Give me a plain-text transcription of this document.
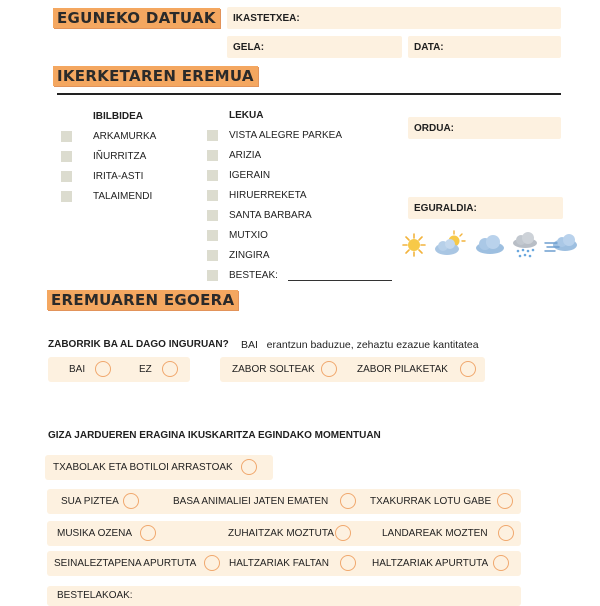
EGUNEKO DATUAK
IKERKETAREN EREMUA
EREMUAREN EGOERA
IKASTETXEA:
GELA:	DATA:
IBILBIDEA	LEKUA
ARKAMURKA
IÑURRITZA
IRITA-ASTI
TALAIMENDI
VISTA ALEGRE PARKEA
ARIZIA
IGERAIN
HIRUERREKETA
SANTA BARBARA
MUTXIO
ZINGIRA
BESTEAK:
ORDUA:
EGURALDIA:
ZABORRIK BA AL DAGO INGURUAN? BAI   erantzun baduzue, zehaztu ezazue kantitatea
BAI	EZ	ZABOR SOLTEAK	ZABOR PILAKETAK
GIZA JARDUEREN ERAGINA IKUSKARITZA EGINDAKO MOMENTUAN
TXABOLAK ETA BOTILOI ARRASTOAK
SUA PIZTEA	BASA ANIMALIEI JATEN EMATEN	TXAKURRAK LOTU GABE
MUSIKA OZENA	ZUHAITZAK MOZTUTA	LANDAREAK MOZTEN
SEINALEZTAPENA APURTUTA	HALTZARIAK FALTAN	HALTZARIAK APURTUTA
BESTELAKOAK:
